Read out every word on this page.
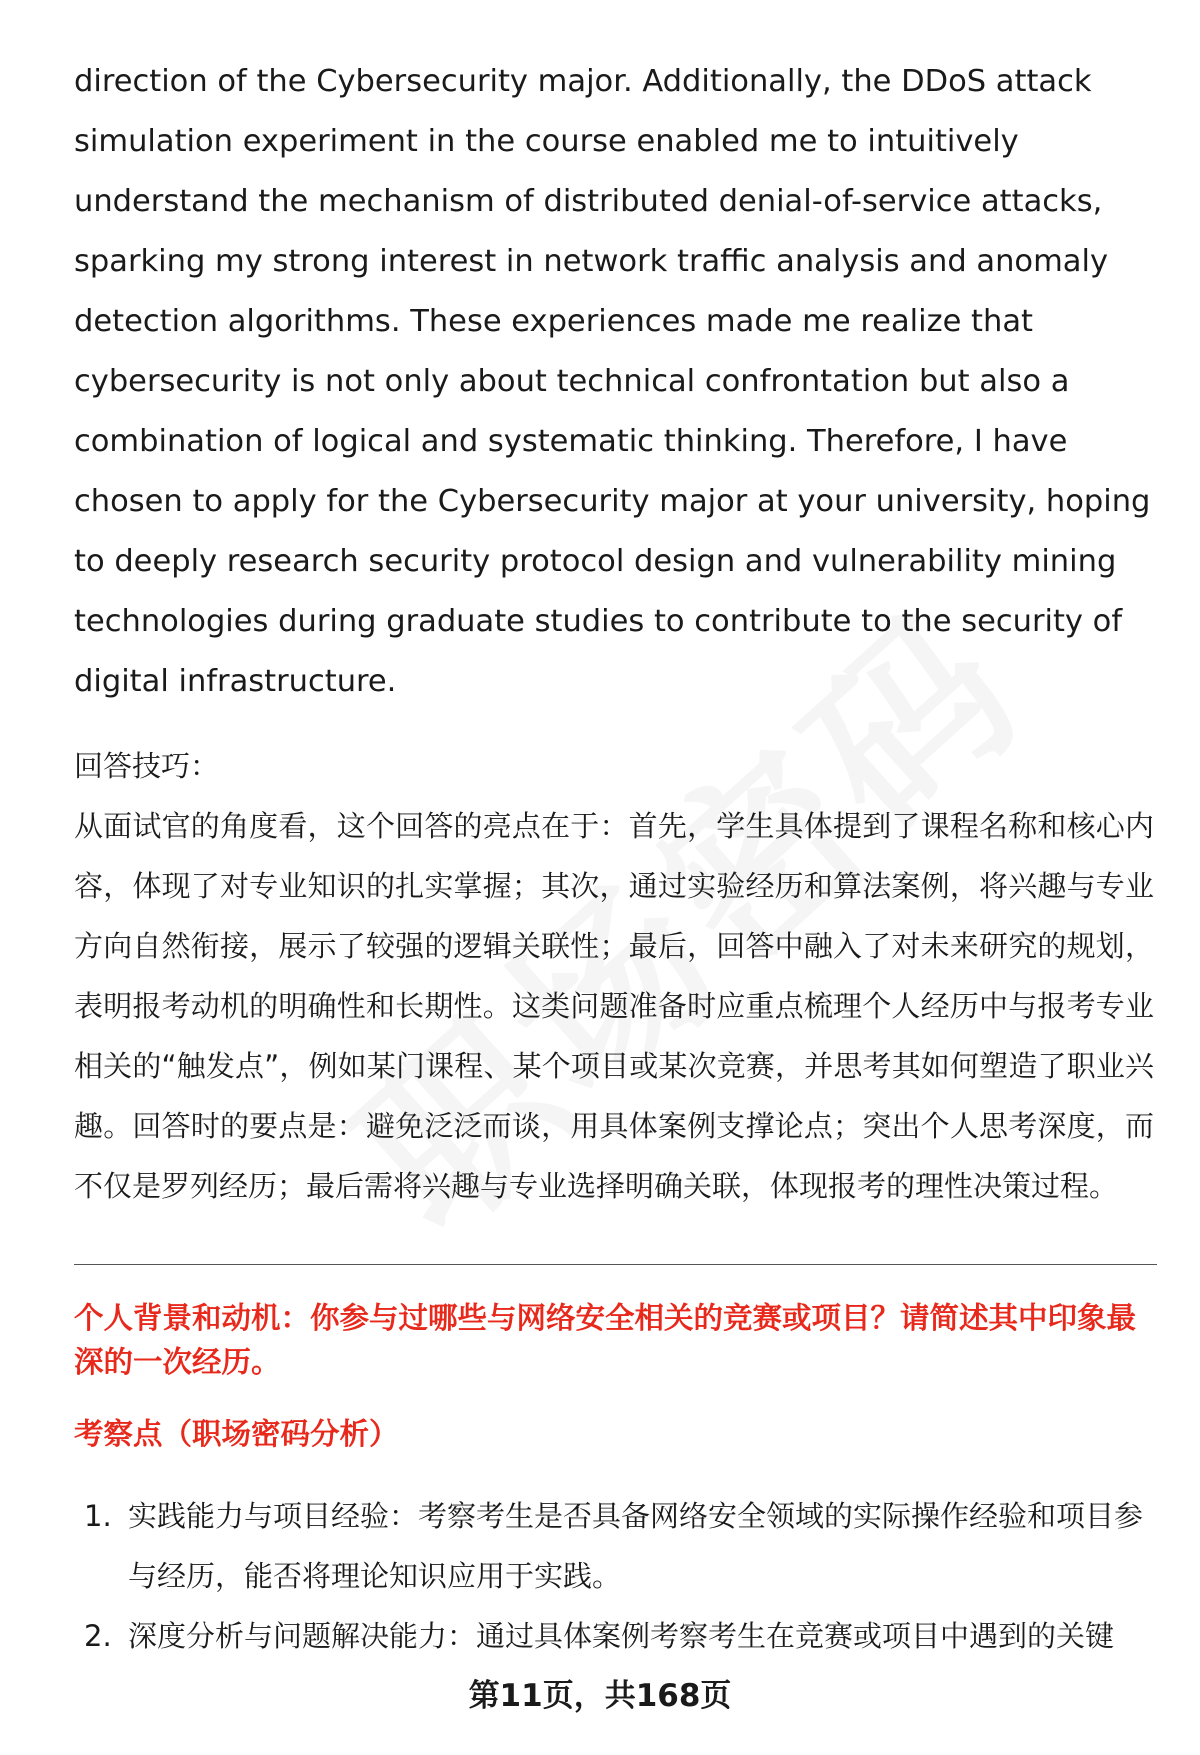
direction of the Cybersecurity major. Additionally, the DDoS attack simulation experiment in the course enabled me to intuitively understand the mechanism of distributed denial-of-service attacks, sparking my strong interest in network traffic analysis and anomaly detection algorithms. These experiences made me realize that cybersecurity is not only about technical confrontation but also a combination of logical and systematic thinking. Therefore, I have chosen to apply for the Cybersecurity major at your university, hoping to deeply research security protocol design and vulnerability mining technologies during graduate studies to contribute to the security of digital infrastructure.

回答技巧：

从面试官的角度看，这个回答的亮点在于：首先，学生具体提到了课程名称和核心内容，体现了对专业知识的扎实掌握；其次，通过实验经历和算法案例，将兴趣与专业方向自然衔接，展示了较强的逻辑关联性；最后，回答中融入了对未来研究的规划，表明报考动机的明确性和长期性。这类问题准备时应重点梳理个人经历中与报考专业相关的“触发点”，例如某门课程、某个项目或某次竞赛，并思考其如何塑造了职业兴趣。回答时的要点是：避免泛泛而谈，用具体案例支撑论点；突出个人思考深度，而不仅是罗列经历；最后需将兴趣与专业选择明确关联，体现报考的理性决策过程。

个人背景和动机：你参与过哪些与网络安全相关的竞赛或项目？请简述其中印象最深的一次经历。

考察点（职场密码分析）

1. 实践能力与项目经验：考察考生是否具备网络安全领域的实际操作经验和项目参与经历，能否将理论知识应用于实践。
2. 深度分析与问题解决能力：通过具体案例考察考生在竞赛或项目中遇到的关键
第11页，共168页
